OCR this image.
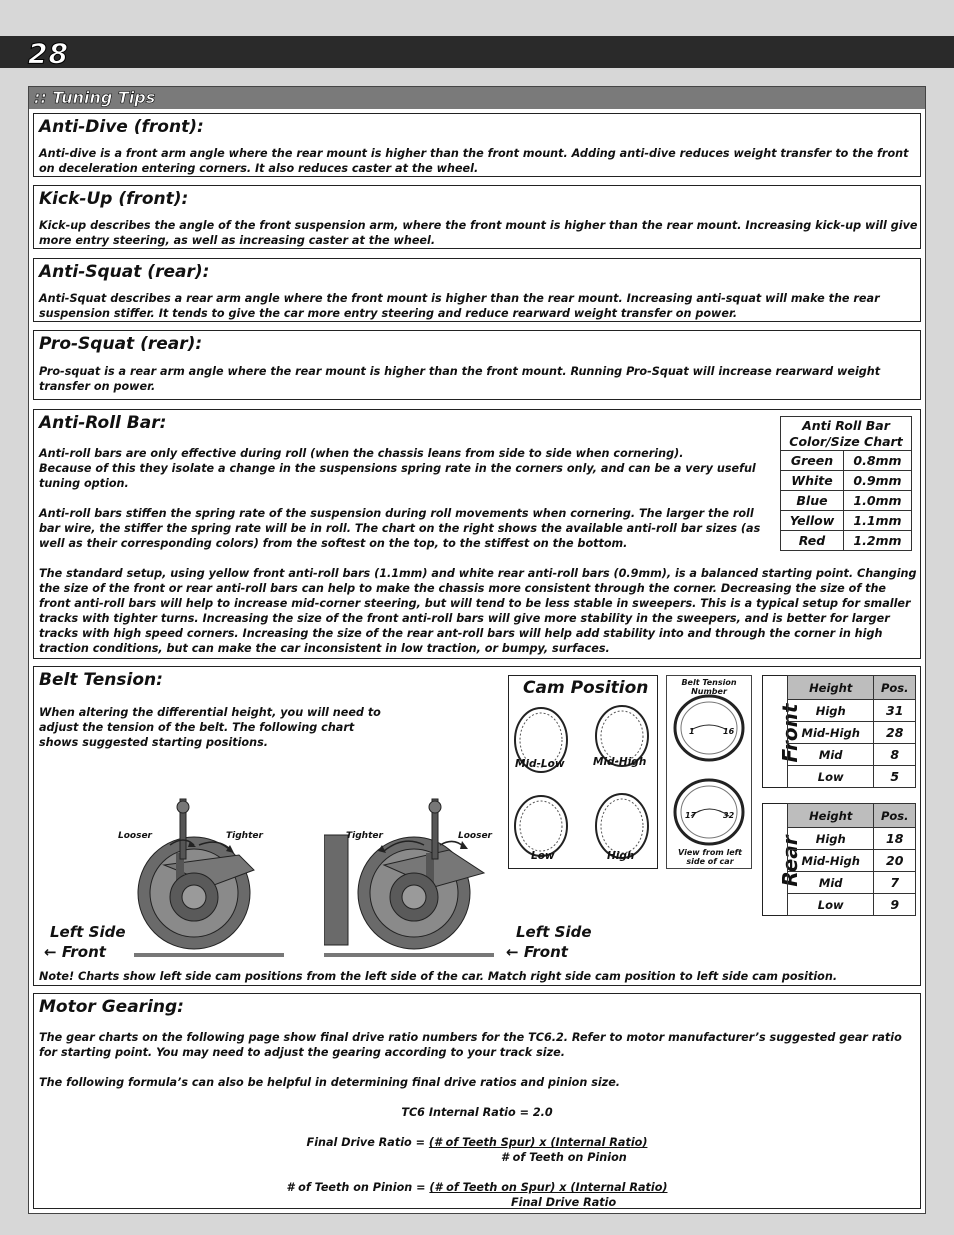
28
:: Tuning Tips
Anti-Dive (front):
Anti-dive is a front arm angle where the rear mount is higher than the front mount. Adding anti-dive reduces weight transfer to the front on deceleration entering corners. It also reduces caster at the wheel.
Kick-Up (front):
Kick-up describes the angle of the front suspension arm, where the front mount is higher than the rear mount. Increasing kick-up will give more entry steering, as well as increasing caster at the wheel.
Anti-Squat (rear):
Anti-Squat describes a rear arm angle where the front mount is higher than the rear mount. Increasing anti-squat will make the rear suspension stiffer. It tends to give the car more entry steering and reduce rearward weight transfer on power.
Pro-Squat (rear):
Pro-squat is a rear arm angle where the rear mount is higher than the front mount. Running Pro-Squat will increase rearward weight transfer on power.
Anti-Roll Bar:
Anti-roll bars are only effective during roll (when the chassis leans from side to side when cornering).
Because of this they isolate a change in the suspensions spring rate in the corners only, and can be a very useful tuning option.
Anti-roll bars stiffen the spring rate of the suspension during roll movements when cornering. The larger the roll bar wire, the stiffer the spring rate will be in roll. The chart on the right shows the available anti-roll bar sizes (as well as their corresponding colors) from the softest on the top, to the stiffest on the bottom.
The standard setup, using yellow front anti-roll bars (1.1mm) and white rear anti-roll bars (0.9mm), is a balanced starting point. Changing the size of the front or rear anti-roll bars can help to make the chassis more consistent through the corner. Decreasing the size of the front anti-roll bars will help to increase mid-corner steering, but will tend to be less stable in sweepers. This is a typical setup for smaller tracks with tighter turns. Increasing the size of the front anti-roll bars will give more stability in the sweepers, and is better for larger tracks with high speed corners. Increasing the size of the rear ant-roll bars will help add stability into and through the corner in high traction conditions, but can make the car inconsistent in low traction, or bumpy, surfaces.
Anti Roll Bar
Color/Size Chart	

Green	0.8mm
White	0.9mm
Blue	1.0mm
Yellow	1.1mm
Red	1.2mm
Belt Tension:
When altering the differential height, you will need to adjust the tension of the belt. The following chart shows suggested starting positions.
Looser	Tighter
Left Side
← Front
Tighter	Looser
Left Side
← Front
Cam Position
Mid-Low	Mid-High
Low	High
Belt Tension Number
1	16
17	32
View from left side of car
Front
Height	Pos.
High	31
Mid-High	28
Mid	8
Low	5
Rear
Height	Pos.
High	18
Mid-High	20
Mid	7
Low	9
Note! Charts show left side cam positions from the left side of the car. Match right side cam position to left side cam position.
Motor Gearing:
The gear charts on the following page show final drive ratio numbers for the TC6.2. Refer to motor manufacturer’s suggested gear ratio for starting point. You may need to adjust the gearing according to your track size.
The following formula’s can also be helpful in determining final drive ratios and pinion size.
TC6 Internal Ratio = 2.0
Final Drive Ratio = (# of Teeth Spur) x (Internal Ratio)
# of Teeth on Pinion
# of Teeth on Pinion = (# of Teeth on Spur) x (Internal Ratio)
Final Drive Ratio
